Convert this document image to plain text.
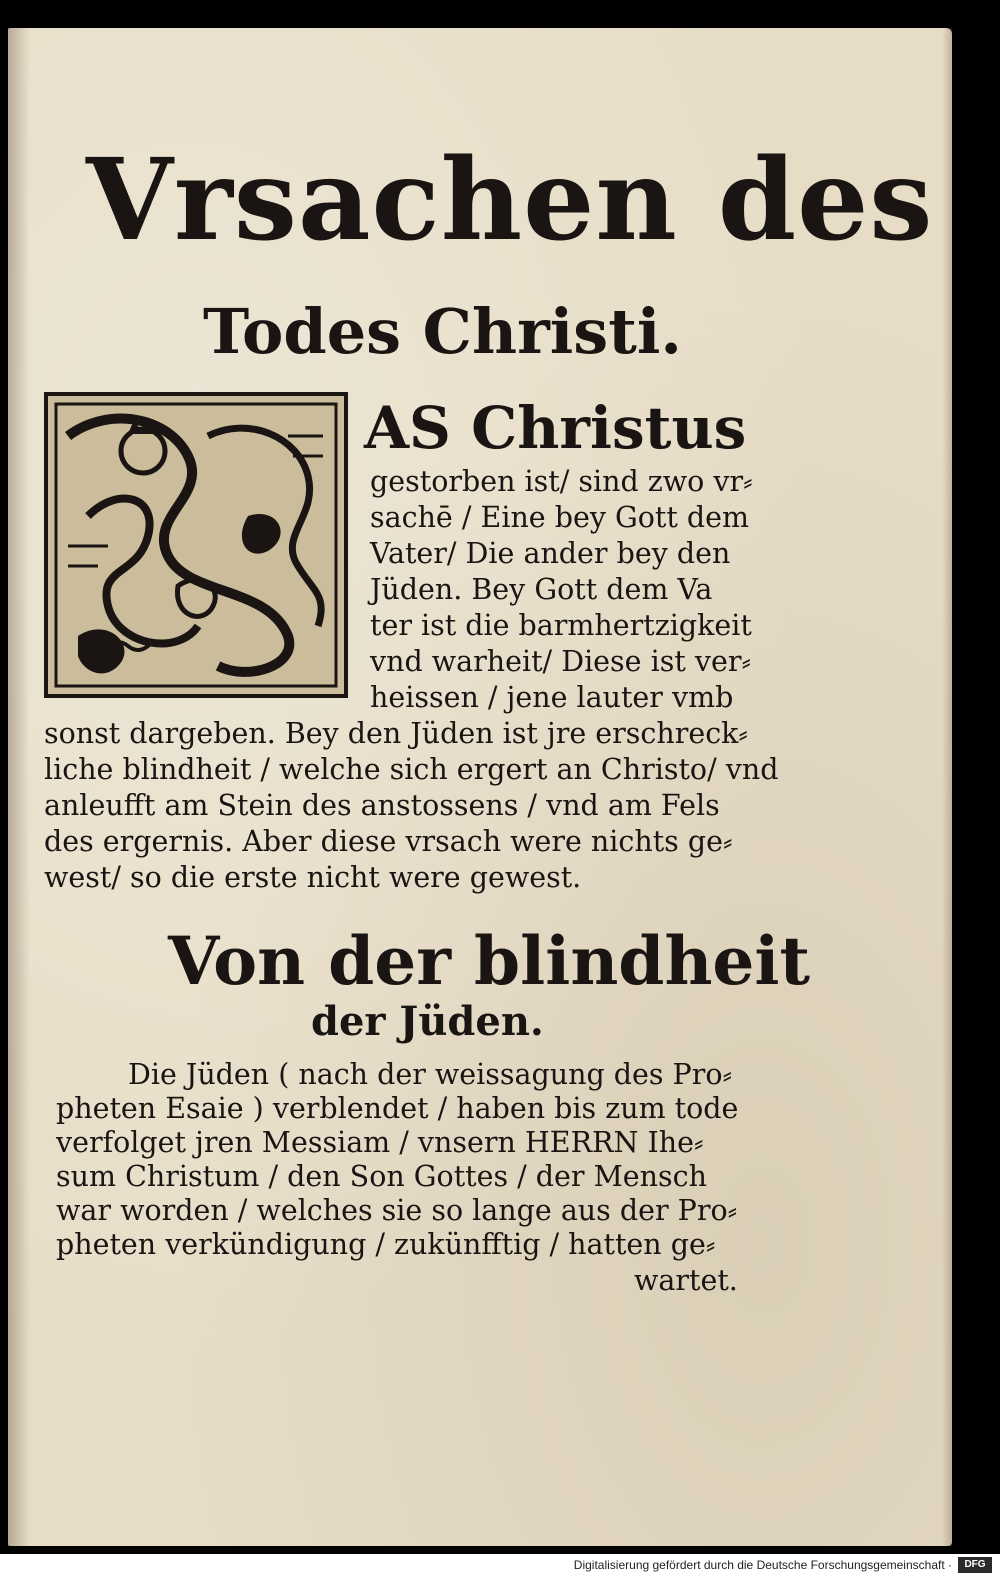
Vrsachen des
Todes Christi.
AS Christus
gestorben ist/ sind zwo vr⸗
sachē / Eine bey Gott dem
Vater/ Die ander bey den
Jüden. Bey Gott dem Va
ter ist die barmhertzigkeit
vnd warheit/ Diese ist ver⸗
heissen / jene lauter vmb
sonst dargeben. Bey den Jüden ist jre erschreck⸗
liche blindheit / welche sich ergert an Christo/ vnd
anleufft am Stein des anstossens / vnd am Fels
des ergernis. Aber diese vrsach were nichts ge⸗
west/ so die erste nicht were gewest.
Von der blindheit
der Jüden.
Die Jüden ( nach der weissagung des Pro⸗
pheten Esaie ) verblendet / haben bis zum tode
verfolget jren Messiam / vnsern HERRN Ihe⸗
sum Christum / den Son Gottes / der Mensch
war worden / welches sie so lange aus der Pro⸗
pheten verkündigung / zukünfftig / hatten ge⸗
wartet.
Digitalisierung gefördert durch die Deutsche Forschungsgemeinschaft ·	DFG
